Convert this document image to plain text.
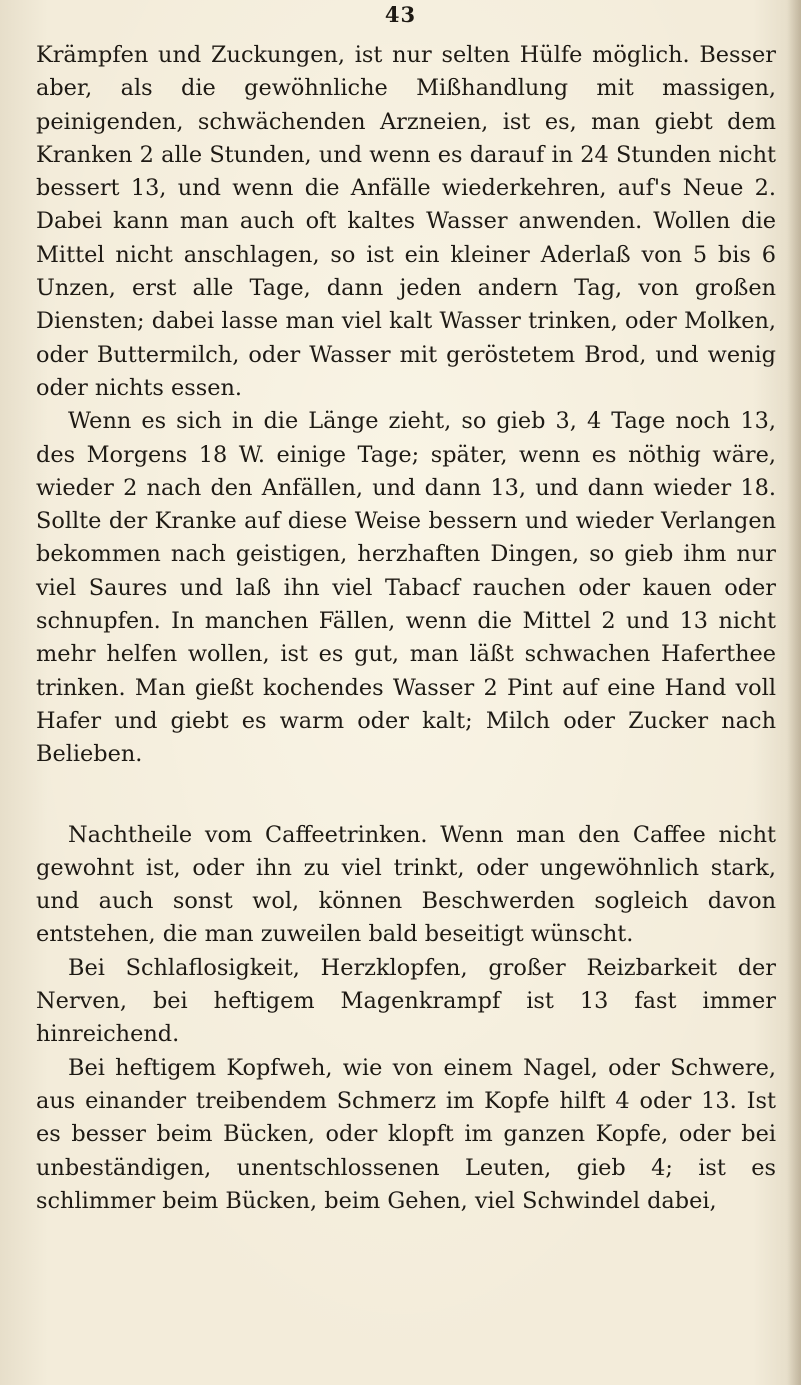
43

Krämpfen und Zuckungen, ist nur selten Hülfe möglich. Besser aber, als die gewöhnliche Mißhandlung mit massigen, peinigenden, schwächenden Arzneien, ist es, man giebt dem Kranken 2 alle Stunden, und wenn es darauf in 24 Stunden nicht bessert 13, und wenn die Anfälle wiederkehren, auf's Neue 2. Dabei kann man auch oft kaltes Wasser anwenden. Wollen die Mittel nicht anschlagen, so ist ein kleiner Aderlaß von 5 bis 6 Unzen, erst alle Tage, dann jeden andern Tag, von großen Diensten; dabei lasse man viel kalt Wasser trinken, oder Molken, oder Buttermilch, oder Wasser mit geröstetem Brod, und wenig oder nichts essen.

Wenn es sich in die Länge zieht, so gieb 3, 4 Tage noch 13, des Morgens 18 W. einige Tage; später, wenn es nöthig wäre, wieder 2 nach den Anfällen, und dann 13, und dann wieder 18. Sollte der Kranke auf diese Weise bessern und wieder Verlangen bekommen nach geistigen, herzhaften Dingen, so gieb ihm nur viel Saures und laß ihn viel Tabacf rauchen oder kauen oder schnupfen. In manchen Fällen, wenn die Mittel 2 und 13 nicht mehr helfen wollen, ist es gut, man läßt schwachen Haferthee trinken. Man gießt kochendes Wasser 2 Pint auf eine Hand voll Hafer und giebt es warm oder kalt; Milch oder Zucker nach Belieben.

Nachtheile vom Caffeetrinken. Wenn man den Caffee nicht gewohnt ist, oder ihn zu viel trinkt, oder ungewöhnlich stark, und auch sonst wol, können Beschwerden sogleich davon entstehen, die man zuweilen bald beseitigt wünscht.

Bei Schlaflosigkeit, Herzklopfen, großer Reizbarkeit der Nerven, bei heftigem Magenkrampf ist 13 fast immer hinreichend.

Bei heftigem Kopfweh, wie von einem Nagel, oder Schwere, aus einander treibendem Schmerz im Kopfe hilft 4 oder 13. Ist es besser beim Bücken, oder klopft im ganzen Kopfe, oder bei unbeständigen, unentschlossenen Leuten, gieb 4; ist es schlimmer beim Bücken, beim Gehen, viel Schwindel dabei,
